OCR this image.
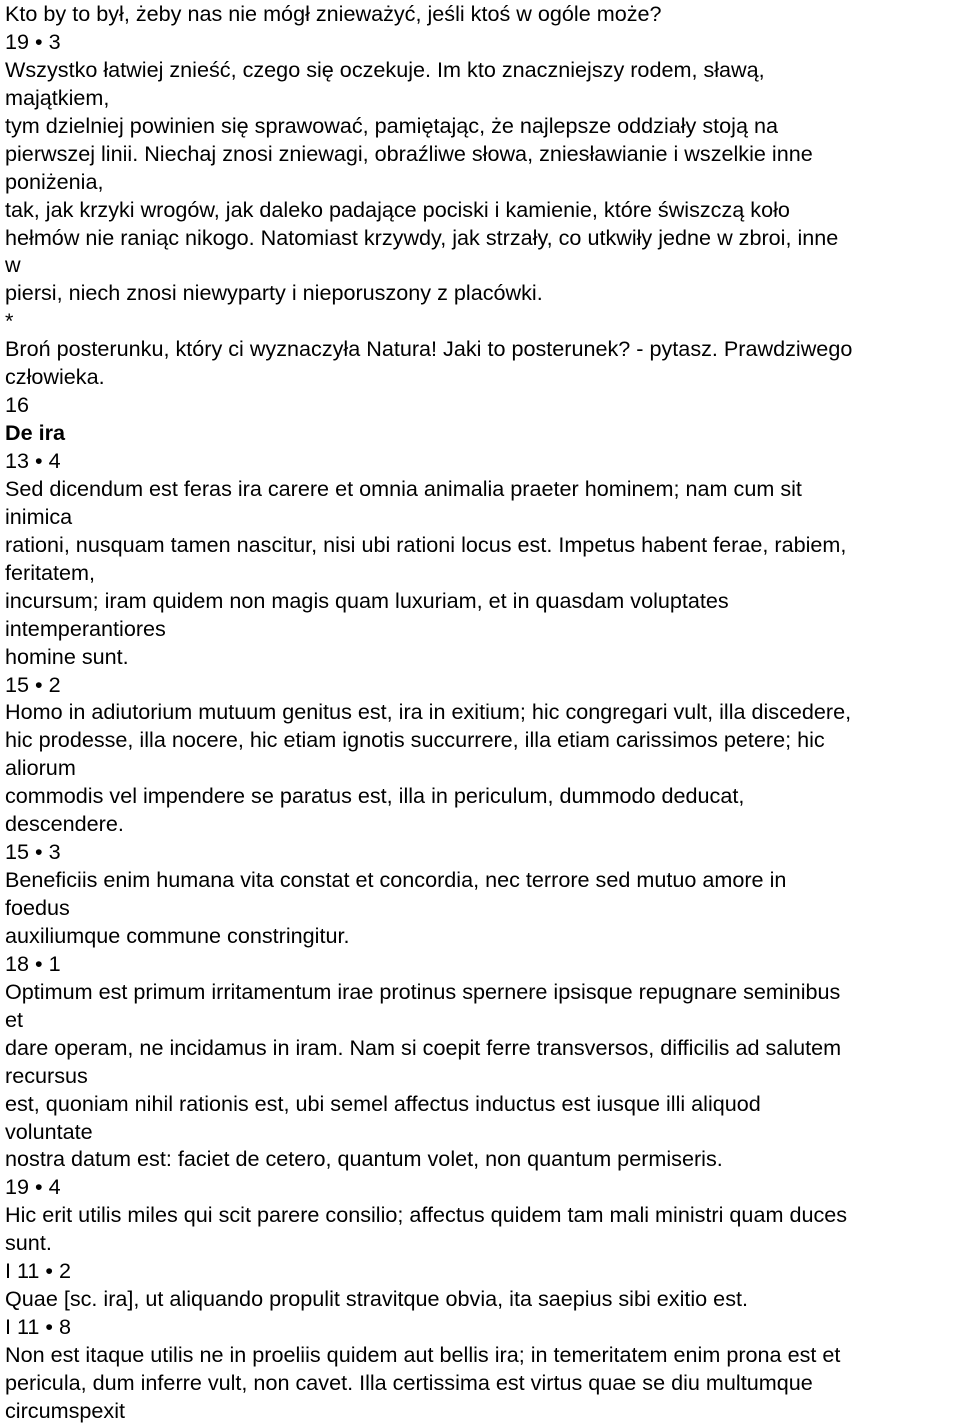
Kto by to był, żeby nas nie mógł znieważyć, jeśli ktoś w ogóle może?
19 • 3
Wszystko łatwiej znieść, czego się oczekuje. Im kto znaczniejszy rodem, sławą,
majątkiem,
tym dzielniej powinien się sprawować, pamiętając, że najlepsze oddziały stoją na
pierwszej linii. Niechaj znosi zniewagi, obraźliwe słowa, zniesławianie i wszelkie inne
poniżenia,
tak, jak krzyki wrogów, jak daleko padające pociski i kamienie, które świszczą koło
hełmów nie raniąc nikogo. Natomiast krzywdy, jak strzały, co utkwiły jedne w zbroi, inne
w
piersi, niech znosi niewyparty i nieporuszony z placówki.
*
Broń posterunku, który ci wyznaczyła Natura! Jaki to posterunek? - pytasz. Prawdziwego
człowieka.
16
De ira
13 • 4
Sed dicendum est feras ira carere et omnia animalia praeter hominem; nam cum sit
inimica
rationi, nusquam tamen nascitur, nisi ubi rationi locus est. Impetus habent ferae, rabiem,
feritatem,
incursum; iram quidem non magis quam luxuriam, et in quasdam voluptates
intemperantiores
homine sunt.
15 • 2
Homo in adiutorium mutuum genitus est, ira in exitium; hic congregari vult, illa discedere,
hic prodesse, illa nocere, hic etiam ignotis succurrere, illa etiam carissimos petere; hic
aliorum
commodis vel impendere se paratus est, illa in periculum, dummodo deducat,
descendere.
15 • 3
Beneficiis enim humana vita constat et concordia, nec terrore sed mutuo amore in
foedus
auxiliumque commune constringitur.
18 • 1
Optimum est primum irritamentum irae protinus spernere ipsisque repugnare seminibus
et
dare operam, ne incidamus in iram. Nam si coepit ferre transversos, difficilis ad salutem
recursus
est, quoniam nihil rationis est, ubi semel affectus inductus est iusque illi aliquod
voluntate
nostra datum est: faciet de cetero, quantum volet, non quantum permiseris.
19 • 4
Hic erit utilis miles qui scit parere consilio; affectus quidem tam mali ministri quam duces
sunt.
I 11 • 2
Quae [sc. ira], ut aliquando propulit stravitque obvia, ita saepius sibi exitio est.
I 11 • 8
Non est itaque utilis ne in proeliis quidem aut bellis ira; in temeritatem enim prona est et
pericula, dum inferre vult, non cavet. Illa certissima est virtus quae se diu multumque
circumspexit
